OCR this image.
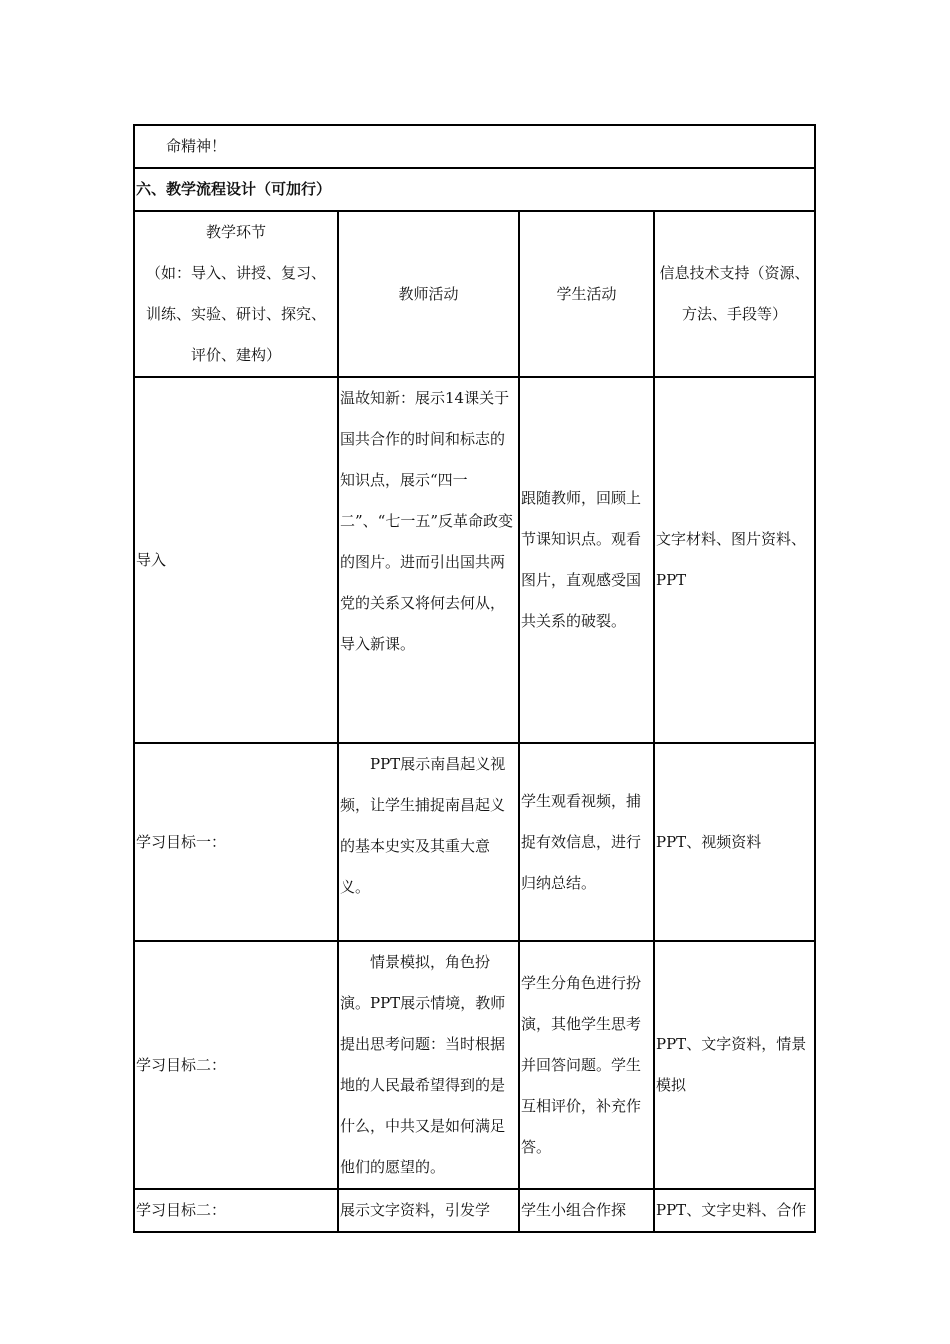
命精神！			
六、教学流程设计（可加行）			

教学环节
（如：导入、讲授、复习、
训练、实验、研讨、探究、
评价、建构）	教师活动	学生活动	信息技术支持（资源、方法、手段等）
导入	温故知新：展示14课关于国共合作的时间和标志的知识点，展示“四一二”、“七一五”反革命政变的图片。进而引出国共两党的关系又将何去何从，导入新课。	跟随教师，回顾上节课知识点。观看图片，直观感受国共关系的破裂。	文字材料、图片资料、PPT
学习目标一：	PPT展示南昌起义视频，让学生捕捉南昌起义的基本史实及其重大意义。	学生观看视频，捕捉有效信息，进行归纳总结。	PPT、视频资料
学习目标二：	情景模拟，角色扮演。PPT展示情境，教师提出思考问题：当时根据地的人民最希望得到的是什么，中共又是如何满足他们的愿望的。	学生分角色进行扮演，其他学生思考并回答问题。学生互相评价，补充作答。	PPT、文字资料，情景模拟
学习目标二：	展示文字资料，引发学	学生小组合作探	PPT、文字史料、合作
